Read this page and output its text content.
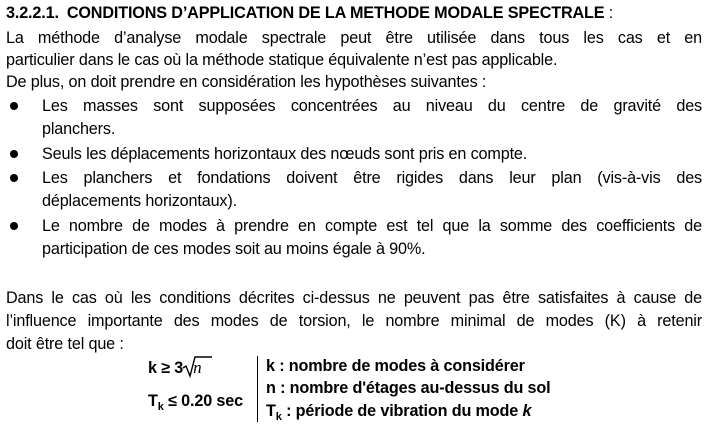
3.2.2.1. CONDITIONS D’APPLICATION DE LA METHODE MODALE SPECTRALE :
La méthode d’analyse modale spectrale peut être utilisée dans tous les cas et en
particulier dans le cas où la méthode statique équivalente n’est pas applicable.
De plus, on doit prendre en considération les hypothèses suivantes :
Les masses sont supposées concentrées au niveau du centre de gravité des
planchers.
Seuls les déplacements horizontaux des nœuds sont pris en compte.
Les planchers et fondations doivent être rigides dans leur plan (vis-à-vis des
déplacements horizontaux).
Le nombre de modes à prendre en compte est tel que la somme des coefficients de
participation de ces modes soit au moins égale à 90%.
Dans le cas où les conditions décrites ci-dessus ne peuvent pas être satisfaites à cause de
l’influence importante des modes de torsion, le nombre minimal de modes (K) à retenir
doit être tel que :
k ≥ 3 n
$T_k \le 0.20$ sec
k : nombre de modes à considérer
n : nombre d'étages au-dessus du sol
$T_k$ : période de vibration du mode k
